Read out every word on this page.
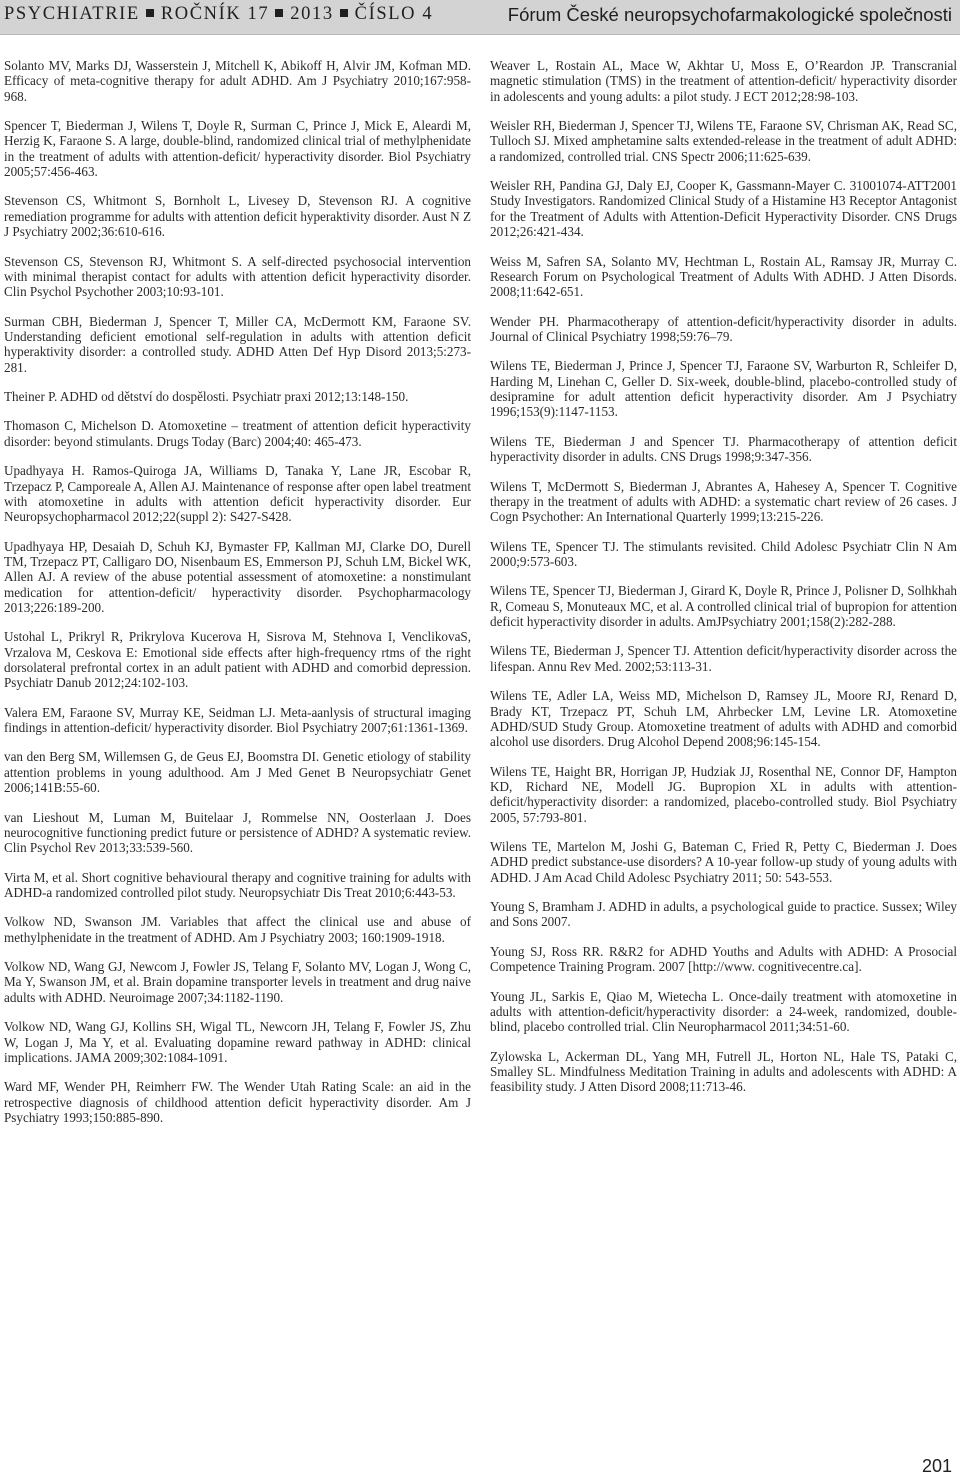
PSYCHIATRIE ROČNÍK 17 2013 ČÍSLO 4	Fórum České neuropsychofarmakologické společnosti

Solanto MV, Marks DJ, Wasserstein J, Mitchell K, Abikoff H, Alvir JM, Kofman MD. Efficacy of meta-cognitive therapy for adult ADHD. Am J Psychiatry 2010;167:958-968.

Spencer T, Biederman J, Wilens T, Doyle R, Surman C, Prince J, Mick E, Aleardi M, Herzig K, Faraone S. A large, double-blind, randomized clinical trial of methylphenidate in the treatment of adults with attention-deficit/ hyperactivity disorder. Biol Psychiatry 2005;57:456-463.

Stevenson CS, Whitmont S, Bornholt L, Livesey D, Stevenson RJ. A cognitive remediation programme for adults with attention deficit hyperaktivity disorder. Aust N Z J Psychiatry 2002;36:610-616.

Stevenson CS, Stevenson RJ, Whitmont S. A self-directed psychosocial intervention with minimal therapist contact for adults with attention deficit hyperactivity disorder. Clin Psychol Psychother 2003;10:93-101.

Surman CBH, Biederman J, Spencer T, Miller CA, McDermott KM, Faraone SV. Understanding deficient emotional self-regulation in adults with attention deficit hyperaktivity disorder: a controlled study. ADHD Atten Def Hyp Disord 2013;5:273-281.

Theiner P. ADHD od dětství do dospělosti. Psychiatr praxi 2012;13:148-150.

Thomason C, Michelson D. Atomoxetine – treatment of attention deficit hyperactivity disorder: beyond stimulants. Drugs Today (Barc) 2004;40: 465-473.

Upadhyaya H. Ramos-Quiroga JA, Williams D, Tanaka Y, Lane JR, Escobar R, Trzepacz P, Camporeale A, Allen AJ. Maintenance of response after open label treatment with atomoxetine in adults with attention deficit hyperactivity disorder. Eur Neuropsychopharmacol 2012;22(suppl 2): S427-S428.

Upadhyaya HP, Desaiah D, Schuh KJ, Bymaster FP, Kallman MJ, Clarke DO, Durell TM, Trzepacz PT, Calligaro DO, Nisenbaum ES, Emmerson PJ, Schuh LM, Bickel WK, Allen AJ. A review of the abuse potential assessment of atomoxetine: a nonstimulant medication for attention-deficit/ hyperactivity disorder. Psychopharmacology 2013;226:189-200.

Ustohal L, Prikryl R, Prikrylova Kucerova H, Sisrova M, Stehnova I, VenclikovaS, Vrzalova M, Ceskova E: Emotional side effects after high-frequency rtms of the right dorsolateral prefrontal cortex in an adult patient with ADHD and comorbid depression. Psychiatr Danub 2012;24:102-103.

Valera EM, Faraone SV, Murray KE, Seidman LJ. Meta-aanlysis of structural imaging findings in attention-deficit/ hyperactivity disorder. Biol Psychiatry 2007;61:1361-1369.

van den Berg SM, Willemsen G, de Geus EJ, Boomstra DI. Genetic etiology of stability attention problems in young adulthood. Am J Med Genet B Neuropsychiatr Genet 2006;141B:55-60.

van Lieshout M, Luman M, Buitelaar J, Rommelse NN, Oosterlaan J. Does neurocognitive functioning predict future or persistence of ADHD? A systematic review. Clin Psychol Rev 2013;33:539-560.

Virta M, et al. Short cognitive behavioural therapy and cognitive training for adults with ADHD-a randomized controlled pilot study. Neuropsychiatr Dis Treat 2010;6:443-53.

Volkow ND, Swanson JM. Variables that affect the clinical use and abuse of methylphenidate in the treatment of ADHD. Am J Psychiatry 2003; 160:1909-1918.

Volkow ND, Wang GJ, Newcom J, Fowler JS, Telang F, Solanto MV, Logan J, Wong C, Ma Y, Swanson JM, et al. Brain dopamine transporter levels in treatment and drug naive adults with ADHD. Neuroimage 2007;34:1182-1190.

Volkow ND, Wang GJ, Kollins SH, Wigal TL, Newcorn JH, Telang F, Fowler JS, Zhu W, Logan J, Ma Y, et al. Evaluating dopamine reward pathway in ADHD: clinical implications. JAMA 2009;302:1084-1091.

Ward MF, Wender PH, Reimherr FW. The Wender Utah Rating Scale: an aid in the retrospective diagnosis of childhood attention deficit hyperactivity disorder. Am J Psychiatry 1993;150:885-890.

Weaver L, Rostain AL, Mace W, Akhtar U, Moss E, O’Reardon JP. Transcranial magnetic stimulation (TMS) in the treatment of attention-deficit/ hyperactivity disorder in adolescents and young adults: a pilot study. J ECT 2012;28:98-103.

Weisler RH, Biederman J, Spencer TJ, Wilens TE, Faraone SV, Chrisman AK, Read SC, Tulloch SJ. Mixed amphetamine salts extended-release in the treatment of adult ADHD: a randomized, controlled trial. CNS Spectr 2006;11:625-639.

Weisler RH, Pandina GJ, Daly EJ, Cooper K, Gassmann-Mayer C. 31001074-ATT2001 Study Investigators. Randomized Clinical Study of a Histamine H3 Receptor Antagonist for the Treatment of Adults with Attention-Deficit Hyperactivity Disorder. CNS Drugs 2012;26:421-434.

Weiss M, Safren SA, Solanto MV, Hechtman L, Rostain AL, Ramsay JR, Murray C. Research Forum on Psychological Treatment of Adults With ADHD. J Atten Disords. 2008;11:642-651.

Wender PH. Pharmacotherapy of attention-deficit/hyperactivity disorder in adults. Journal of Clinical Psychiatry 1998;59:76–79.

Wilens TE, Biederman J, Prince J, Spencer TJ, Faraone SV, Warburton R, Schleifer D, Harding M, Linehan C, Geller D. Six-week, double-blind, placebo-controlled study of desipramine for adult attention deficit hyperactivity disorder. Am J Psychiatry 1996;153(9):1147-1153.

Wilens TE, Biederman J and Spencer TJ. Pharmacotherapy of attention deficit hyperactivity disorder in adults. CNS Drugs 1998;9:347-356.

Wilens T, McDermott S, Biederman J, Abrantes A, Hahesey A, Spencer T. Cognitive therapy in the treatment of adults with ADHD: a systematic chart review of 26 cases. J Cogn Psychother: An International Quarterly 1999;13:215-226.

Wilens TE, Spencer TJ. The stimulants revisited. Child Adolesc Psychiatr Clin N Am 2000;9:573-603.

Wilens TE, Spencer TJ, Biederman J, Girard K, Doyle R, Prince J, Polisner D, Solhkhah R, Comeau S, Monuteaux MC, et al. A controlled clinical trial of bupropion for attention deficit hyperactivity disorder in adults. AmJPsychiatry 2001;158(2):282-288.

Wilens TE, Biederman J, Spencer TJ. Attention deficit/hyperactivity disorder across the lifespan. Annu Rev Med. 2002;53:113-31.

Wilens TE, Adler LA, Weiss MD, Michelson D, Ramsey JL, Moore RJ, Renard D, Brady KT, Trzepacz PT, Schuh LM, Ahrbecker LM, Levine LR. Atomoxetine ADHD/SUD Study Group. Atomoxetine treatment of adults with ADHD and comorbid alcohol use disorders. Drug Alcohol Depend 2008;96:145-154.

Wilens TE, Haight BR, Horrigan JP, Hudziak JJ, Rosenthal NE, Connor DF, Hampton KD, Richard NE, Modell JG. Bupropion XL in adults with attention-deficit/hyperactivity disorder: a randomized, placebo-controlled study. Biol Psychiatry 2005, 57:793-801.

Wilens TE, Martelon M, Joshi G, Bateman C, Fried R, Petty C, Biederman J. Does ADHD predict substance-use disorders? A 10-year follow-up study of young adults with ADHD. J Am Acad Child Adolesc Psychiatry 2011; 50: 543-553.

Young S, Bramham J. ADHD in adults, a psychological guide to practice. Sussex; Wiley and Sons 2007.

Young SJ, Ross RR. R&R2 for ADHD Youths and Adults with ADHD: A Prosocial Competence Training Program. 2007 [http://www. cognitivecentre.ca].

Young JL, Sarkis E, Qiao M, Wietecha L. Once-daily treatment with atomoxetine in adults with attention-deficit/hyperactivity disorder: a 24-week, randomized, double-blind, placebo controlled trial. Clin Neuropharmacol 2011;34:51-60.

Zylowska L, Ackerman DL, Yang MH, Futrell JL, Horton NL, Hale TS, Pataki C, Smalley SL. Mindfulness Meditation Training in adults and adolescents with ADHD: A feasibility study. J Atten Disord 2008;11:713-46.

201
